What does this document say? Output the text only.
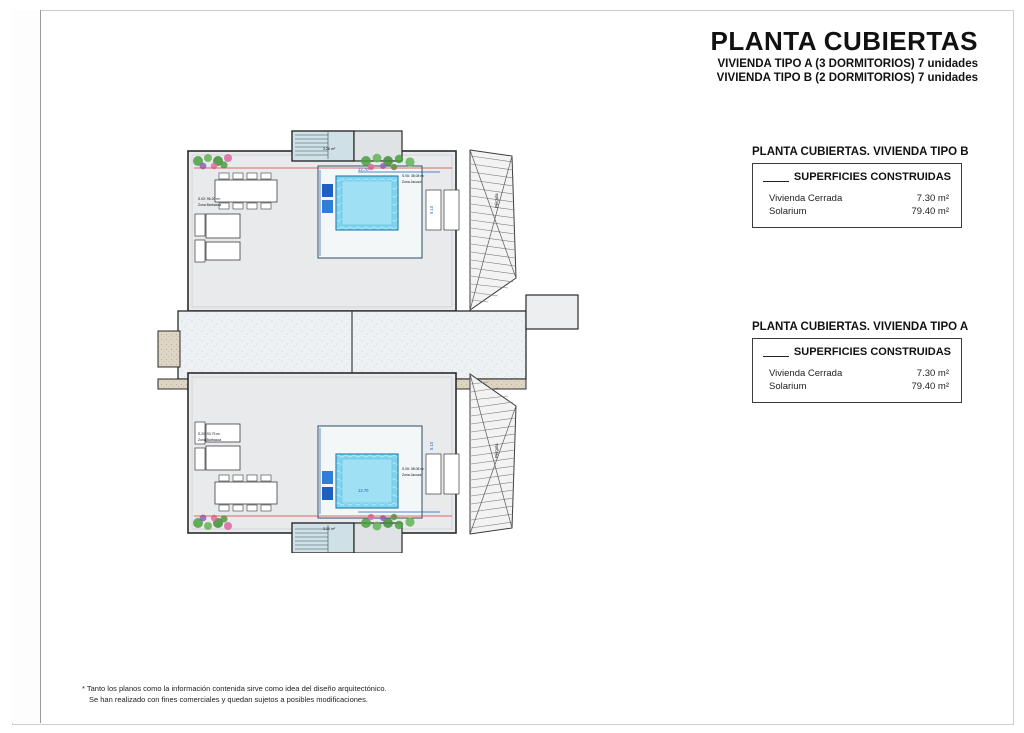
PLANTA CUBIERTAS
VIVIENDA TIPO A (3 DORMITORIOS) 7 unidades
VIVIENDA TIPO B (2 DORMITORIOS) 7 unidades
PLANTA CUBIERTAS. VIVIENDA TIPO B
SUPERFICIES CONSTRUIDAS
Vivienda Cerrada	7.30 m²
Solarium	79.40 m²
PLANTA CUBIERTAS. VIVIENDA TIPO A
SUPERFICIES CONSTRUIDAS
Vivienda Cerrada	7.30 m²
Solarium	79.40 m²
* Tanto los planos como la información contenida sirve como idea del diseño arquitectónico.
Se han realizado con fines comerciales y quedan sujetos a posibles modificaciones.
3.26 m²
S.06: 38.08 m²
Zona Jacuzzi
S.02: 96.20 m²
Zona Barbacoa	Pérgola
12.70
5.10
S.20: 93.79 m²
Zona Barbacoa
S.06: 38.08 m²
Zona Jacuzzi
3.26 m²
12.70
5.10	Pérgola
